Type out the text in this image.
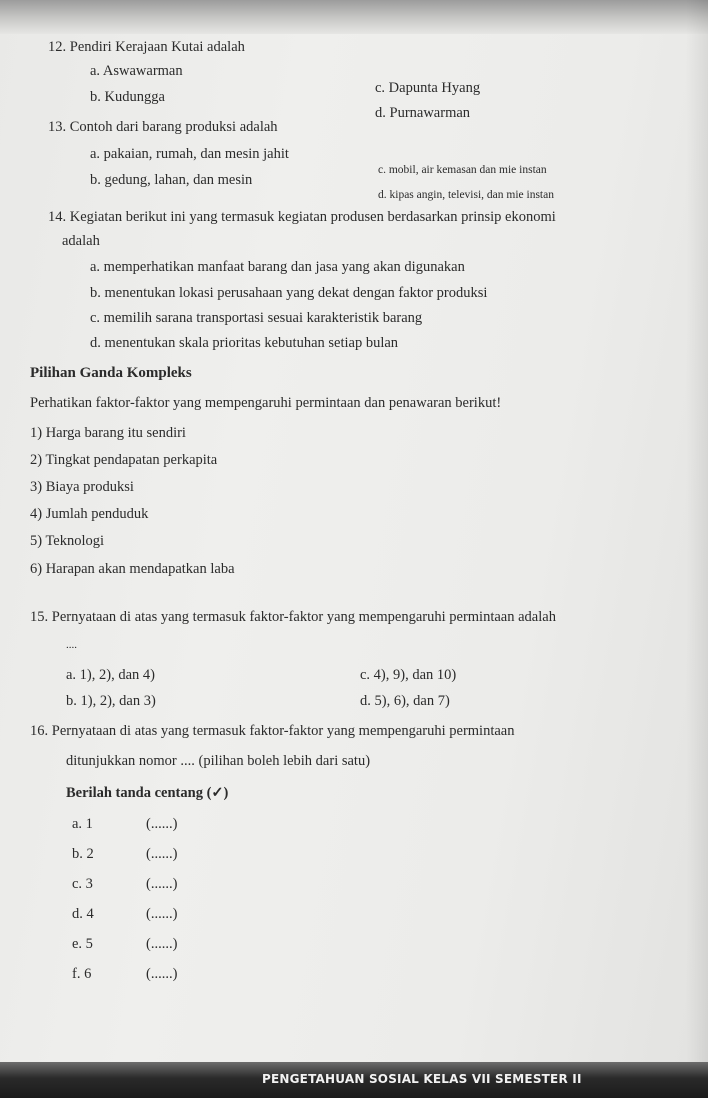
12. Pendiri Kerajaan Kutai adalah
a. Aswawarman
b. Kudungga
c. Dapunta Hyang
d. Purnawarman
13. Contoh dari barang produksi adalah
a. pakaian, rumah, dan mesin jahit
b. gedung, lahan, dan mesin
c. mobil, air kemasan dan mie instan
d. kipas angin, televisi, dan mie instan
14. Kegiatan berikut ini yang termasuk kegiatan produsen berdasarkan prinsip ekonomi
adalah
a. memperhatikan manfaat barang dan jasa yang akan digunakan
b. menentukan lokasi perusahaan yang dekat dengan faktor produksi
c. memilih sarana transportasi sesuai karakteristik barang
d. menentukan skala prioritas kebutuhan setiap bulan
Pilihan Ganda Kompleks
Perhatikan faktor-faktor yang mempengaruhi permintaan dan penawaran berikut!
1) Harga barang itu sendiri
2) Tingkat pendapatan perkapita
3) Biaya produksi
4) Jumlah penduduk
5) Teknologi
6) Harapan akan mendapatkan laba
15. Pernyataan di atas yang termasuk faktor-faktor yang mempengaruhi permintaan adalah
....
a. 1), 2), dan 4)
b. 1), 2), dan 3)
c. 4), 9), dan 10)
d. 5), 6), dan 7)
16. Pernyataan di atas yang termasuk faktor-faktor yang mempengaruhi permintaan
ditunjukkan nomor .... (pilihan boleh lebih dari satu)
Berilah tanda centang (✓)
a. 1	(......)
b. 2	(......)
c. 3	(......)
d. 4	(......)
e. 5	(......)
f. 6	(......)
PENGETAHUAN SOSIAL KELAS VII SEMESTER II
